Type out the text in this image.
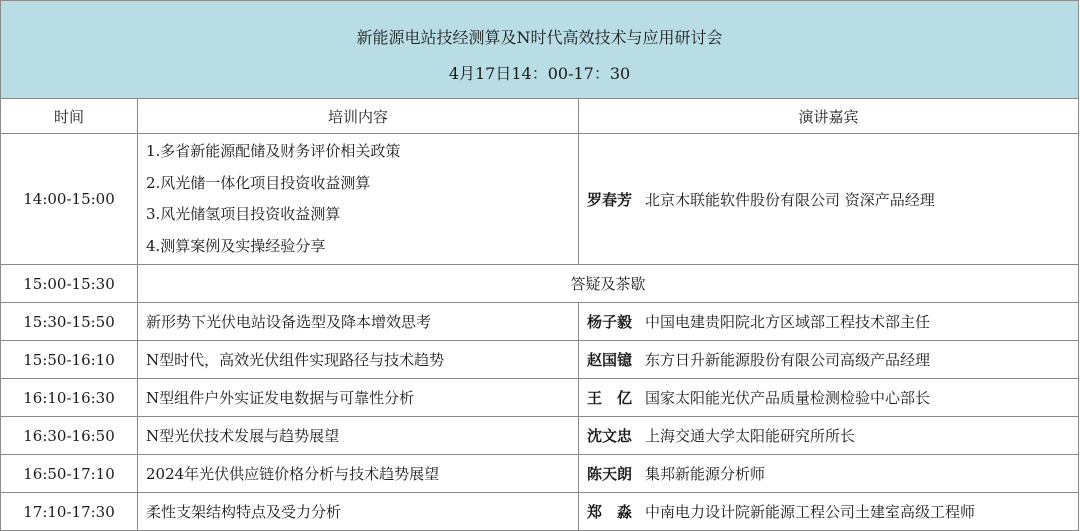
新能源电站技经测算及N时代高效技术与应用研讨会
4月17日14：00-17：30		

时间	培训内容	演讲嘉宾
14:00-15:00	1.多省新能源配储及财务评价相关政策
2.风光储一体化项目投资收益测算
3.风光储氢项目投资收益测算
4.测算案例及实操经验分享	罗春芳 北京木联能软件股份有限公司 资深产品经理
15:00-15:30	答疑及茶歇	
15:30-15:50	新形势下光伏电站设备选型及降本增效思考	杨子毅 中国电建贵阳院北方区域部工程技术部主任
15:50-16:10	N型时代，高效光伏组件实现路径与技术趋势	赵国镱 东方日升新能源股份有限公司高级产品经理
16:10-16:30	N型组件户外实证发电数据与可靠性分析	王　亿 国家太阳能光伏产品质量检测检验中心部长
16:30-16:50	N型光伏技术发展与趋势展望	沈文忠 上海交通大学太阳能研究所所长
16:50-17:10	2024年光伏供应链价格分析与技术趋势展望	陈天朗 集邦新能源分析师
17:10-17:30	柔性支架结构特点及受力分析	郑　淼 中南电力设计院新能源工程公司土建室高级工程师
